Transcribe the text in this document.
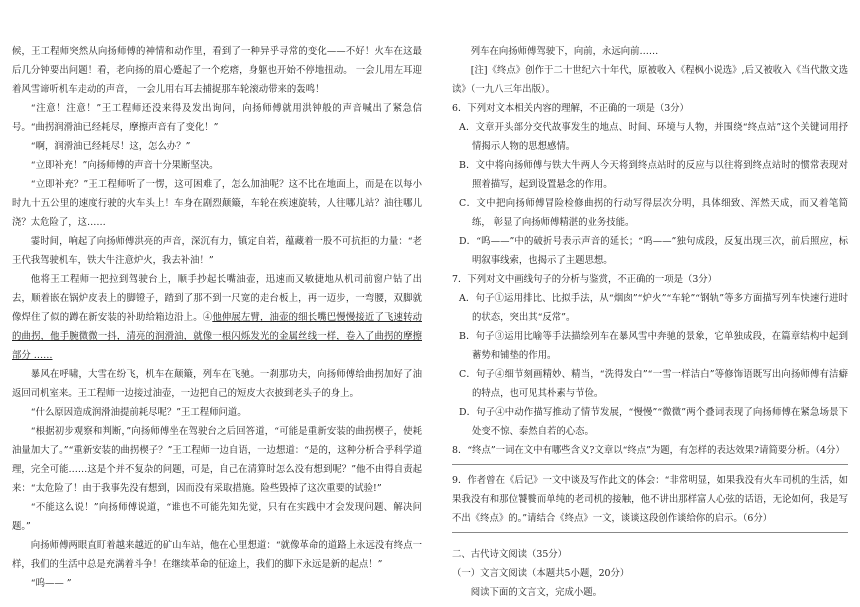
候，王工程师突然从向扬师傅的神情和动作里，看到了一种异乎寻常的变化——不好！火车在这最后几分钟要出问题！看，老向扬的眉心蹙起了一个疙瘩，身躯也开始不停地扭动。 一会儿用左耳迎着风雪谛听机车走动的声音， 一会儿用右耳去捕捉那车轮滚动带来的轰鸣！

“注意！注意！”王工程师还没来得及发出询问，向扬师傅就用洪钟般的声音喊出了紧急信号。“曲拐润滑油已经耗尽，摩擦声音有了变化！”

“啊，润滑油已经耗尽！这，怎么办？”

“立即补充！”向扬师傅的声音十分果断坚决。

“立即补充？”王工程师听了一愣，这可困难了，怎么加油呢？这不比在地面上，而是在以每小时九十五公里的速度行驶的火车头上！车身在剧烈颠簸，车轮在疾速旋转，人往哪儿站？油往哪儿浇？太危险了，这……

霎时间，响起了向扬师傅洪亮的声音，深沉有力，镇定自若，蕴藏着一股不可抗拒的力量：“老王代我驾驶机车，铁大牛注意炉火，我去补油！”

他将王工程师一把拉到驾驶台上，顺手抄起长嘴油壶，迅速而又敏捷地从机司前窗户钻了出去，顺着嵌在锅炉皮表上的脚镫子，踏到了那不到一尺宽的走台板上，再一迈步，一弯腰，双脚就像焊住了似的蹲在新安装的补助给箱边沿上。④他伸展左臂，油壶的细长嘴巴慢慢接近了飞速转动的曲拐，他手腕微微一抖，清亮的润滑油，就像一根闪烁发光的金属丝线一样，卷入了曲拐的摩擦部分 ……

暴风在呼啸，大雪在纷飞，机车在颠簸，列车在飞驰。一刹那功夫，向扬师傅给曲拐加好了油返回司机室来。王工程师一边接过油壶，一边把自己的短皮大衣披到老头子的身上。

“什么原因造成润滑油提前耗尽呢？”王工程师问道。

“根据初步观察和判断，”向扬师傅坐在驾驶台之后回答道，“可能是重新安装的曲拐楔子，使耗油量加大了。”“重新安装的曲拐楔子？”王工程师一边自语，一边想道：“是的，这种分析合乎科学道理，完全可能……这是个并不复杂的问题，可是，自己在清算时怎么没有想到呢？”他不由得自责起来：“太危险了！由于我事先没有想到，因而没有采取措施。险些毁掉了这次重要的试验!”

“不能这么说！”向扬师傅说道，“谁也不可能先知先觉，只有在实践中才会发现问题、解决问题。”

向扬师傅两眼直盯着越来越近的矿山车站，他在心里想道：“就像革命的道路上永远没有终点一样，我们的生活中总是充满着斗争！在继续革命的征途上，我们的脚下永远是新的起点！”

“呜—— ”

列车在向扬师傅驾驶下，向前，永远向前……

[注]《终点》创作于二十世纪六十年代，原被收入《程枫小说选》,后又被收入《当代散文选读》（一九八三年出版）。

6．下列对文本相关内容的理解，不正确的一项是（3分）

A．文章开头部分交代故事发生的地点、时间、环境与人物，并围绕“终点站”这个关键词用抒情揭示人物的思想感情。

B．文中将向扬师傅与铁大牛两人今天将到终点站时的反应与以往将到终点站时的惯常表现对照着描写，起到设置悬念的作用。

C．文中把向扬师傅冒险检修曲拐的行动写得层次分明，具体细致、浑然天成，而又着笔简练， 彰显了向扬师傅精湛的业务技能。

D．“呜——”中的破折号表示声音的延长；“呜——”独句成段，反复出现三次，前后照应，标明叙事线索，也揭示了主题思想。

7．下列对文中画线句子的分析与鉴赏，不正确的一项是（3分）

A．句子①运用排比、比拟手法，从“烟囱”“炉火”“车轮”“钢轨”等多方面描写列车快速行进时的状态，突出其“反常”。

B．句子③运用比喻等手法描绘列车在暴风雪中奔驰的景象，它单独成段，在篇章结构中起到 蓄势和铺垫的作用。

C．句子④细节刻画精妙、精当，“洗得发白”“一雪一样洁白”等修饰语既写出向扬师傅有洁癖的特点，也可见其朴素与节俭。

D．句子④中动作描写推动了情节发展，“慢慢”“微微”两个叠词表现了向扬师傅在紧急场景下处变不惊、泰然自若的心态。

8．“终点”一词在文中有哪些含义?文章以“终点”为题，有怎样的表达效果?请简要分析。（4分）

9．作者曾在《后记》一文中谈及写作此文的体会：“非常明显，如果我没有火车司机的生活，如果我没有和那位饕餮而单纯的老司机的接触，他不讲出那样富人心弦的话语，无论如何，我是写不出《终点》的。”请结合《终点》一文，谈谈这段创作谈给你的启示。（6分）

二、古代诗文阅读（35分）

（一）文言文阅读（本题共5小题，20分）

阅读下面的文言文，完成小题。
